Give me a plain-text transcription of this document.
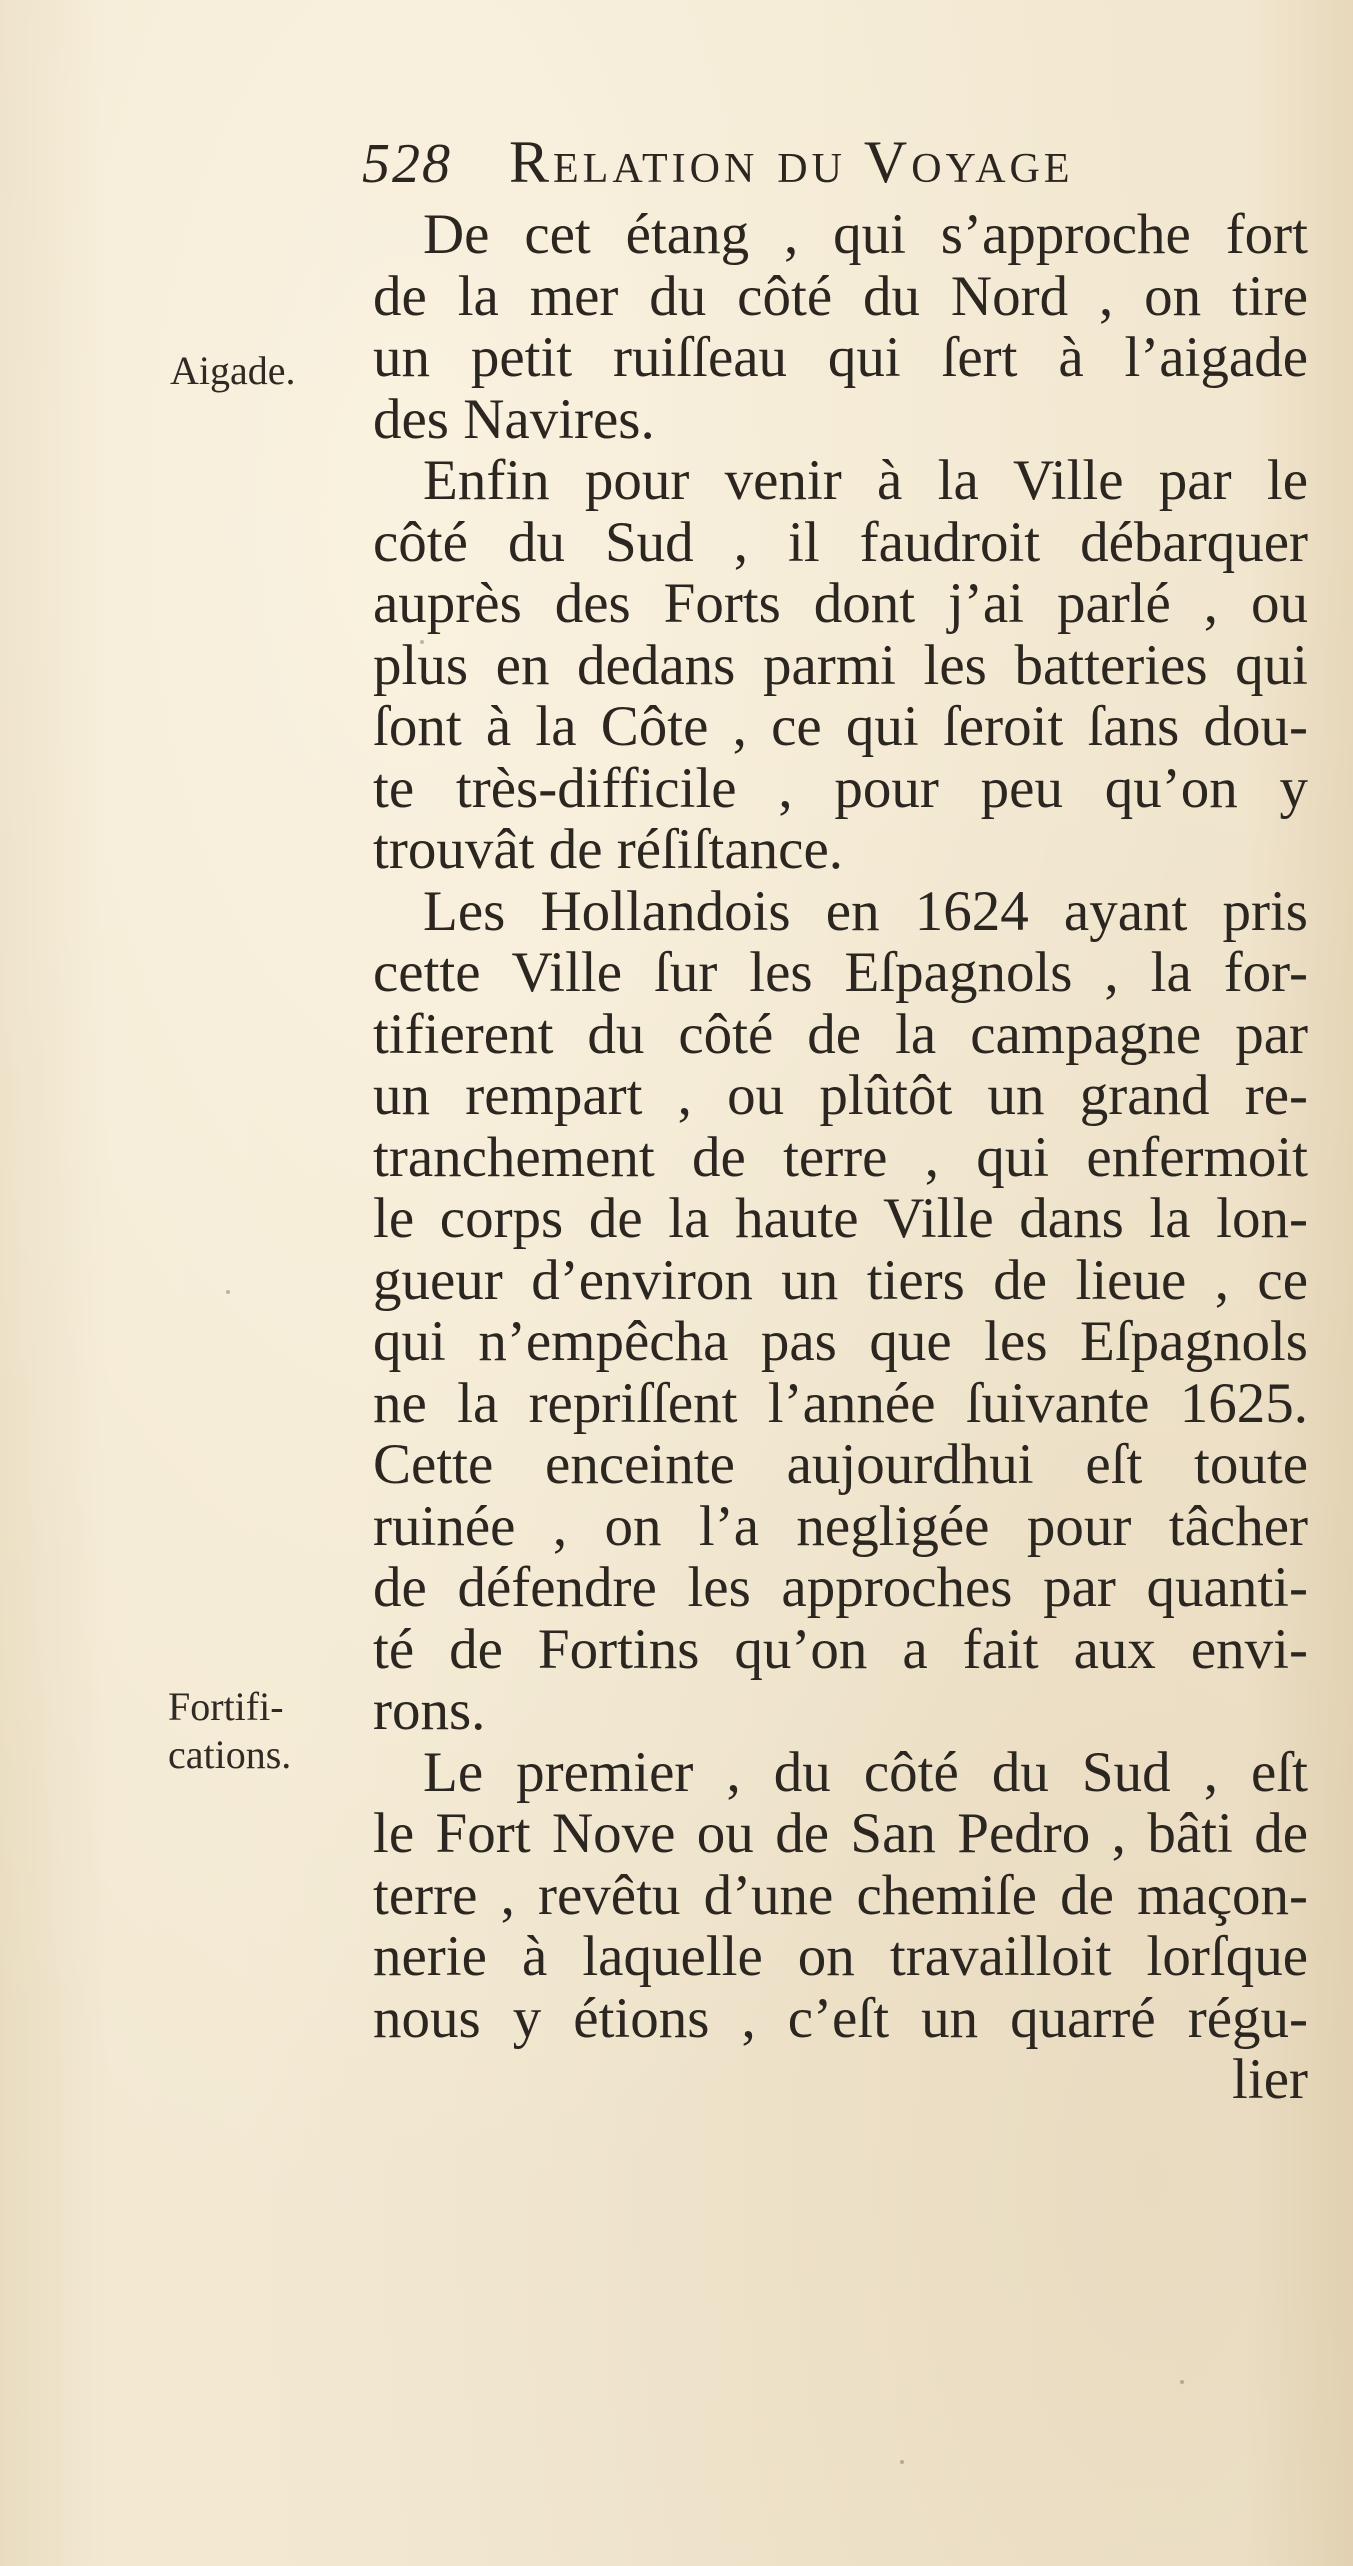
528 Relation du Voyage
Aigade.
Fortifi-
cations.
De cet étang , qui s’approche fort
de la mer du côté du Nord , on tire
un petit ruiſſeau qui ſert à l’aigade
des Navires.
Enfin pour venir à la Ville par le
côté du Sud , il faudroit débarquer
auprès des Forts dont j’ai parlé , ou
plus en dedans parmi les batteries qui
ſont à la Côte , ce qui ſeroit ſans dou-
te très-difficile , pour peu qu’on y
trouvât de réſiſtance.
Les Hollandois en 1624 ayant pris
cette Ville ſur les Eſpagnols , la for-
tifierent du côté de la campagne par
un rempart , ou plûtôt un grand re-
tranchement de terre , qui enfermoit
le corps de la haute Ville dans la lon-
gueur d’environ un tiers de lieue , ce
qui n’empêcha pas que les Eſpagnols
ne la repriſſent l’année ſuivante 1625.
Cette enceinte aujourdhui eſt toute
ruinée , on l’a negligée pour tâcher
de défendre les approches par quanti-
té de Fortins qu’on a fait aux envi-
rons.
Le premier , du côté du Sud , eſt
le Fort Nove ou de San Pedro , bâti de
terre , revêtu d’une chemiſe de maçon-
nerie à laquelle on travailloit lorſque
nous y étions , c’eſt un quarré régu-
lier
